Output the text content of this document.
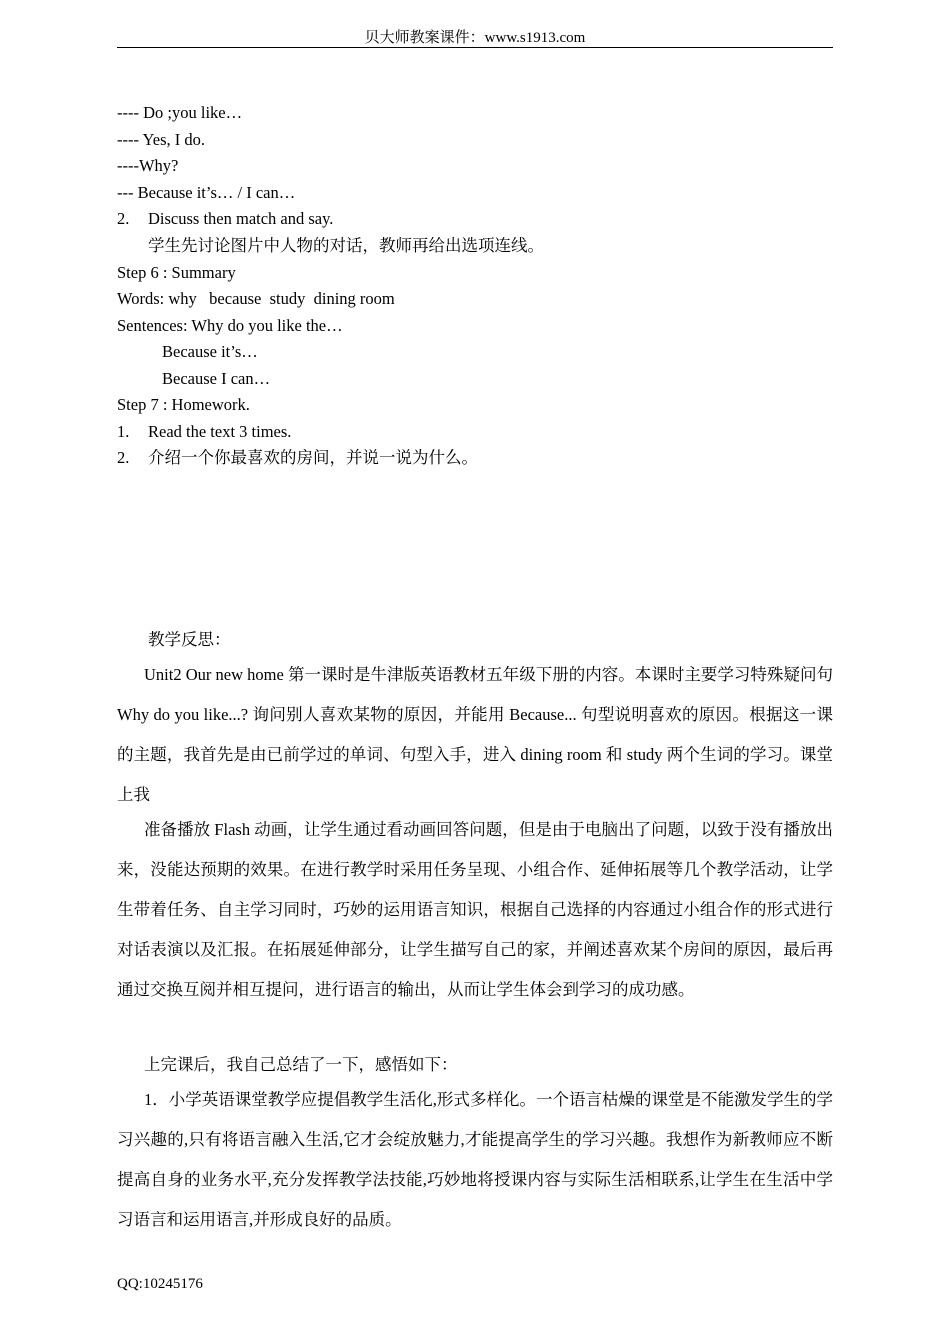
贝大师教案课件：www.s1913.com
---- Do ;you like…
---- Yes, I do.
----Why?
--- Because it’s… / I can…
2. Discuss then match and say.
学生先讨论图片中人物的对话，教师再给出选项连线。
Step 6 : Summary
Words: why   because  study  dining room
Sentences: Why do you like the…
Because it’s…
Because I can…
Step 7 : Homework.
1. Read the text 3 times.
2. 介绍一个你最喜欢的房间，并说一说为什么。
教学反思：
Unit2 Our new home 第一课时是牛津版英语教材五年级下册的内容。本课时主要学习特殊疑问句 Why do you like...? 询问别人喜欢某物的原因，并能用 Because... 句型说明喜欢的原因。根据这一课的主题，我首先是由已前学过的单词、句型入手，进入 dining room 和 study 两个生词的学习。课堂上我
准备播放 Flash 动画，让学生通过看动画回答问题，但是由于电脑出了问题，以致于没有播放出来，没能达预期的效果。在进行教学时采用任务呈现、小组合作、延伸拓展等几个教学活动，让学生带着任务、自主学习同时，巧妙的运用语言知识，根据自己选择的内容通过小组合作的形式进行对话表演以及汇报。在拓展延伸部分，让学生描写自己的家，并阐述喜欢某个房间的原因，最后再通过交换互阅并相互提问，进行语言的输出，从而让学生体会到学习的成功感。
上完课后，我自己总结了一下，感悟如下：
1．小学英语课堂教学应提倡教学生活化,形式多样化。一个语言枯燥的课堂是不能激发学生的学习兴趣的,只有将语言融入生活,它才会绽放魅力,才能提高学生的学习兴趣。我想作为新教师应不断提高自身的业务水平,充分发挥教学法技能,巧妙地将授课内容与实际生活相联系,让学生在生活中学习语言和运用语言,并形成良好的品质。
QQ:10245176
